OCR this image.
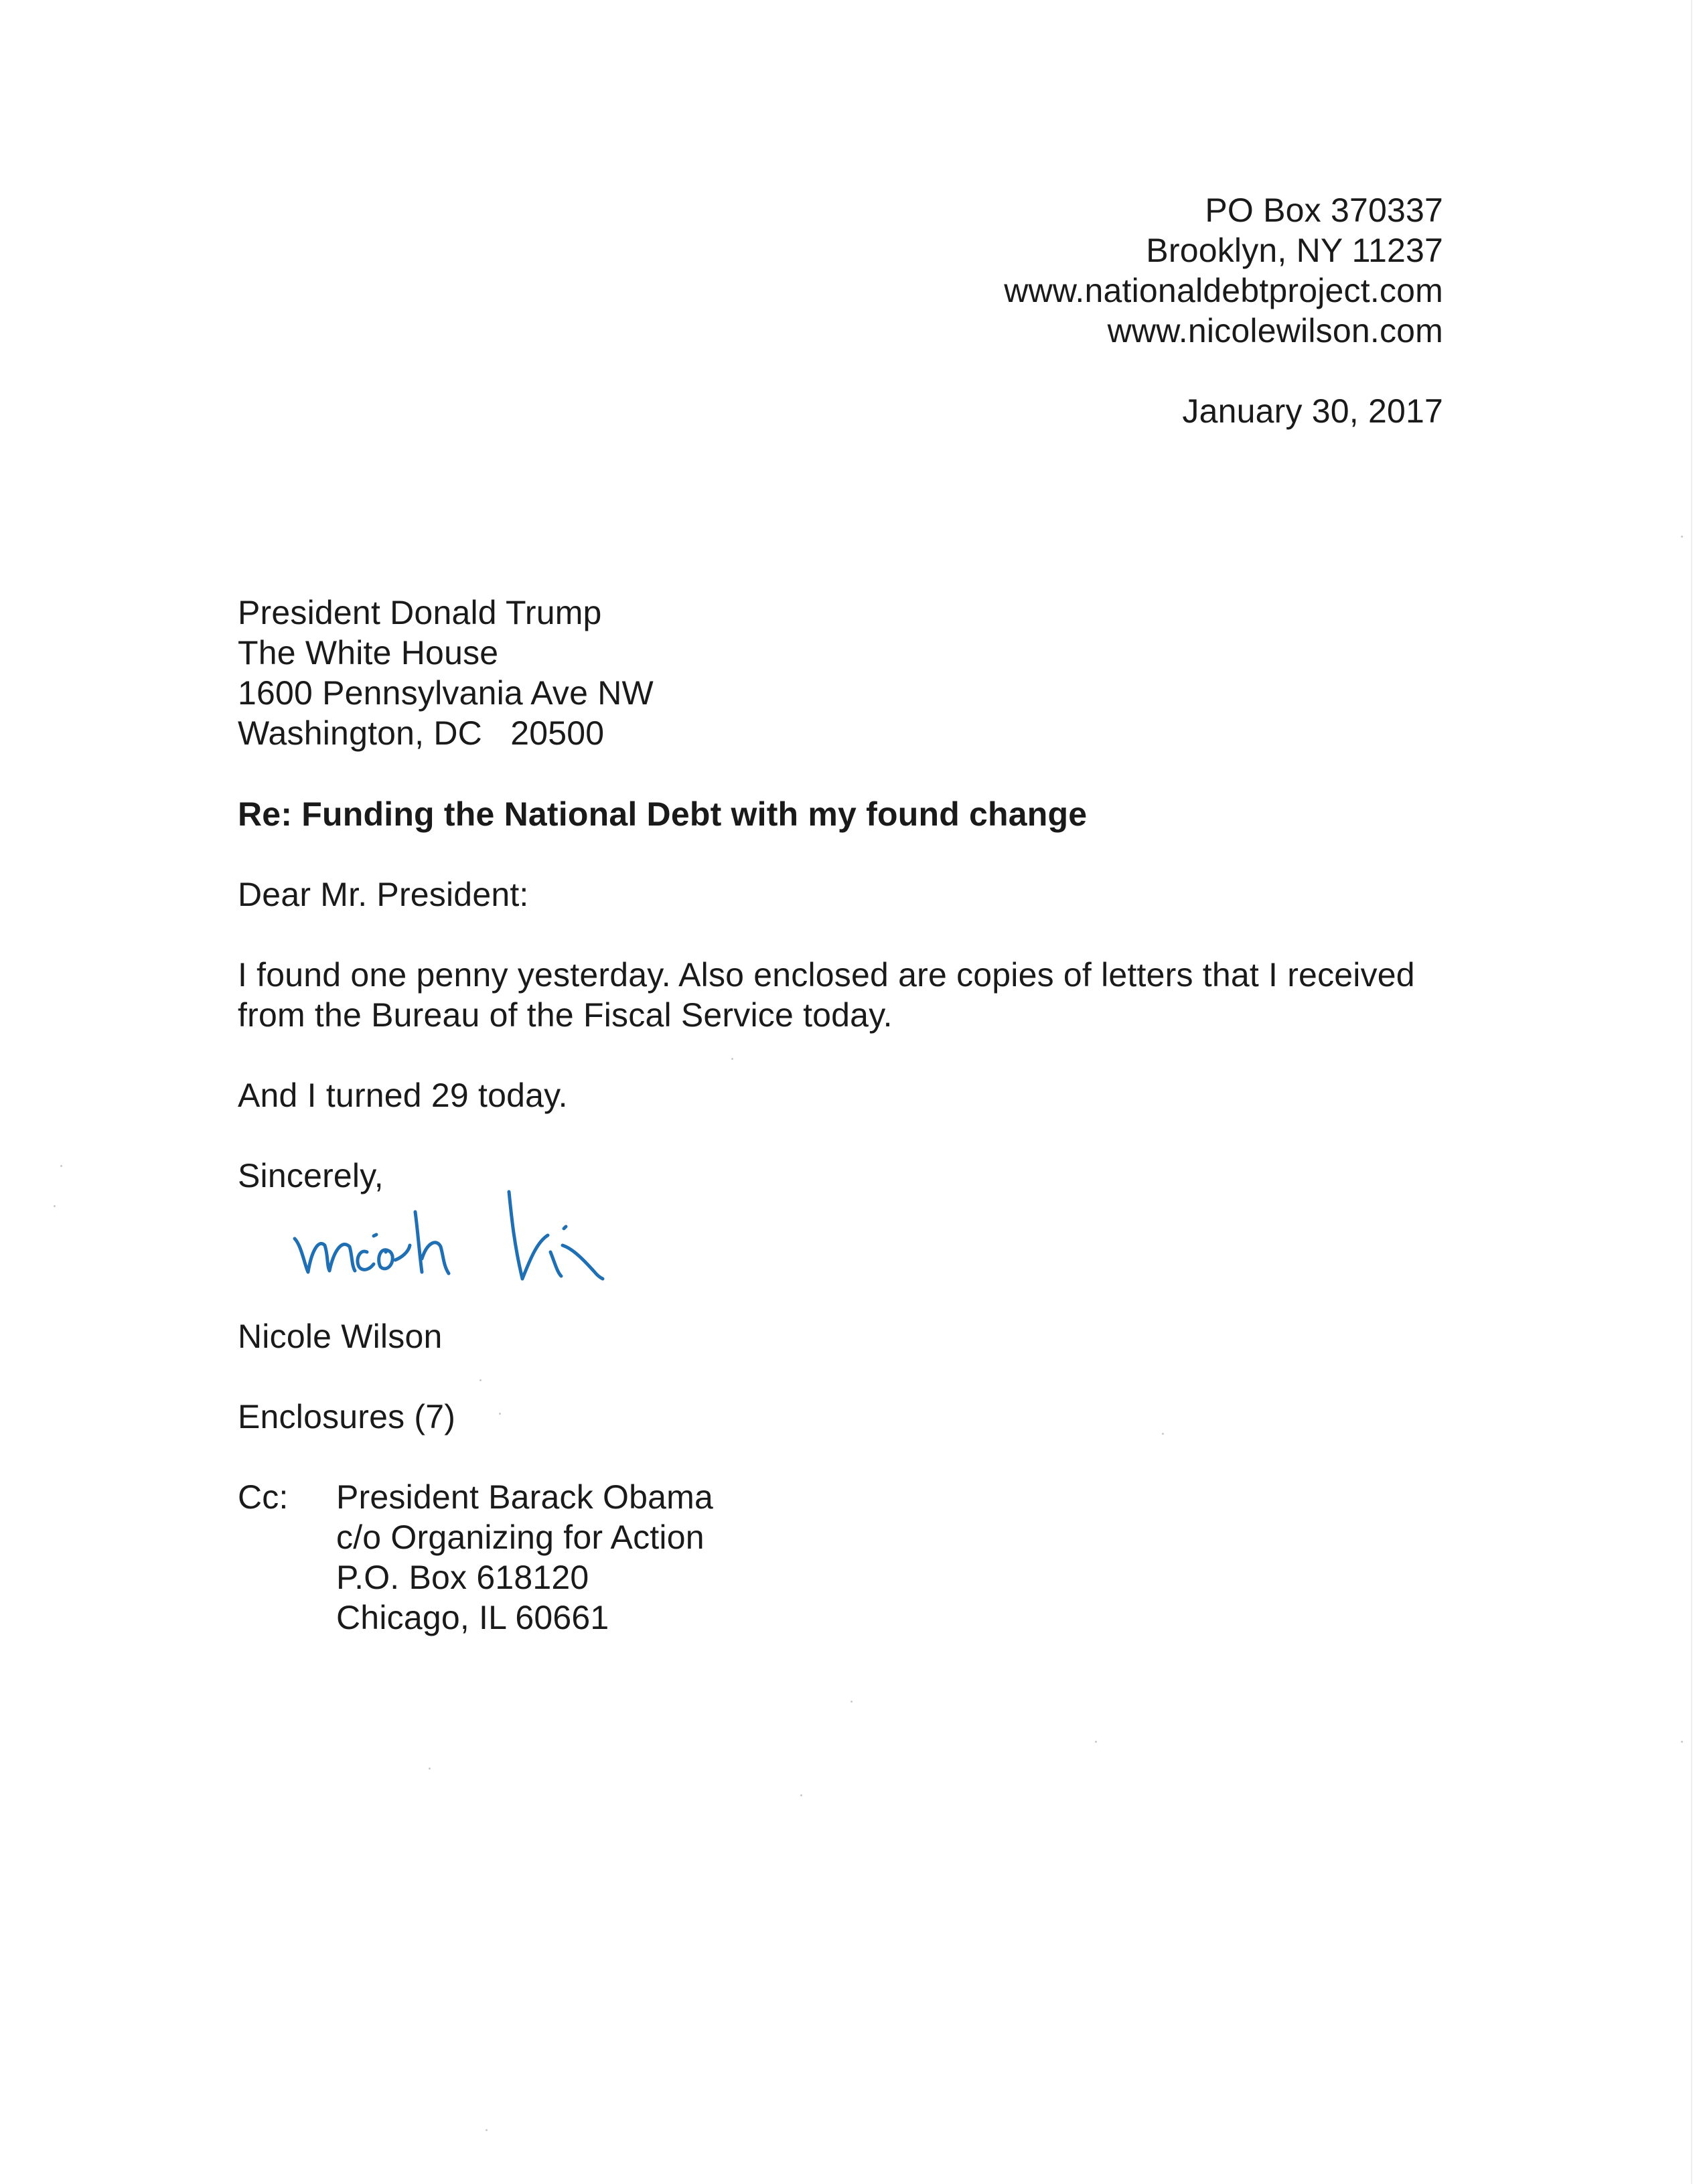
PO Box 370337
Brooklyn, NY 11237
www.nationaldebtproject.com
www.nicolewilson.com
January 30, 2017
President Donald Trump
The White House
1600 Pennsylvania Ave NW
Washington, DC   20500
Re: Funding the National Debt with my found change
Dear Mr. President:
I found one penny yesterday. Also enclosed are copies of letters that I received
from the Bureau of the Fiscal Service today.
And I turned 29 today.
Sincerely,
Nicole Wilson
Enclosures (7)
Cc: President Barack Obama
c/o Organizing for Action
P.O. Box 618120
Chicago, IL 60661
